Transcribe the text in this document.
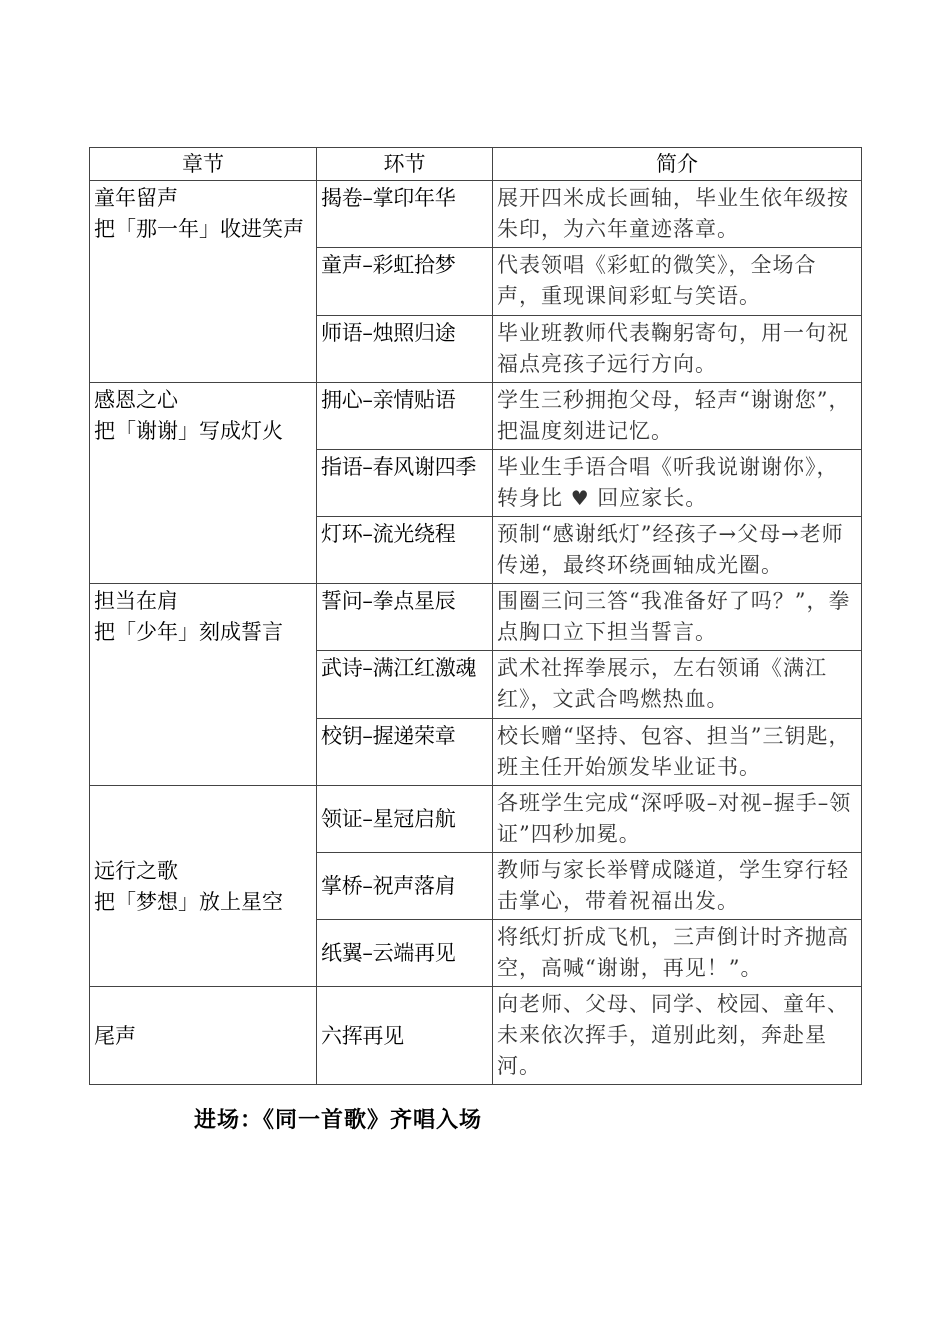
章节	环节	简介

童年留声
把「那一年」收进笑声	揭卷–掌印年华	展开四米成长画轴，毕业生依年级按朱印，为六年童迹落章。
	童声–彩虹拾梦	代表领唱《彩虹的微笑》，全场合声，重现课间彩虹与笑语。
	师语–烛照归途	毕业班教师代表鞠躬寄句，用一句祝福点亮孩子远行方向。

感恩之心
把「谢谢」写成灯火	拥心–亲情贴语	学生三秒拥抱父母，轻声“谢谢您”，把温度刻进记忆。
	指语–春风谢四季	毕业生手语合唱《听我说谢谢你》，转身比 ♥ 回应家长。
	灯环–流光绕程	预制“感谢纸灯”经孩子→父母→老师传递，最终环绕画轴成光圈。

担当在肩
把「少年」刻成誓言	誓问–拳点星辰	围圈三问三答“我准备好了吗？”，拳点胸口立下担当誓言。
	武诗–满江红激魂	武术社挥拳展示，左右领诵《满江红》，文武合鸣燃热血。
	校钥–握递荣章	校长赠“坚持、包容、担当”三钥匙，班主任开始颁发毕业证书。

远行之歌
把「梦想」放上星空	领证–星冠启航	各班学生完成“深呼吸–对视–握手–领证”四秒加冕。
	掌桥–祝声落肩	教师与家长举臂成隧道，学生穿行轻击掌心，带着祝福出发。
	纸翼–云端再见	将纸灯折成飞机，三声倒计时齐抛高空，高喊“谢谢，再见！”。

尾声	六挥再见	向老师、父母、同学、校园、童年、未来依次挥手，道别此刻，奔赴星河。
进场：《同一首歌》齐唱入场
